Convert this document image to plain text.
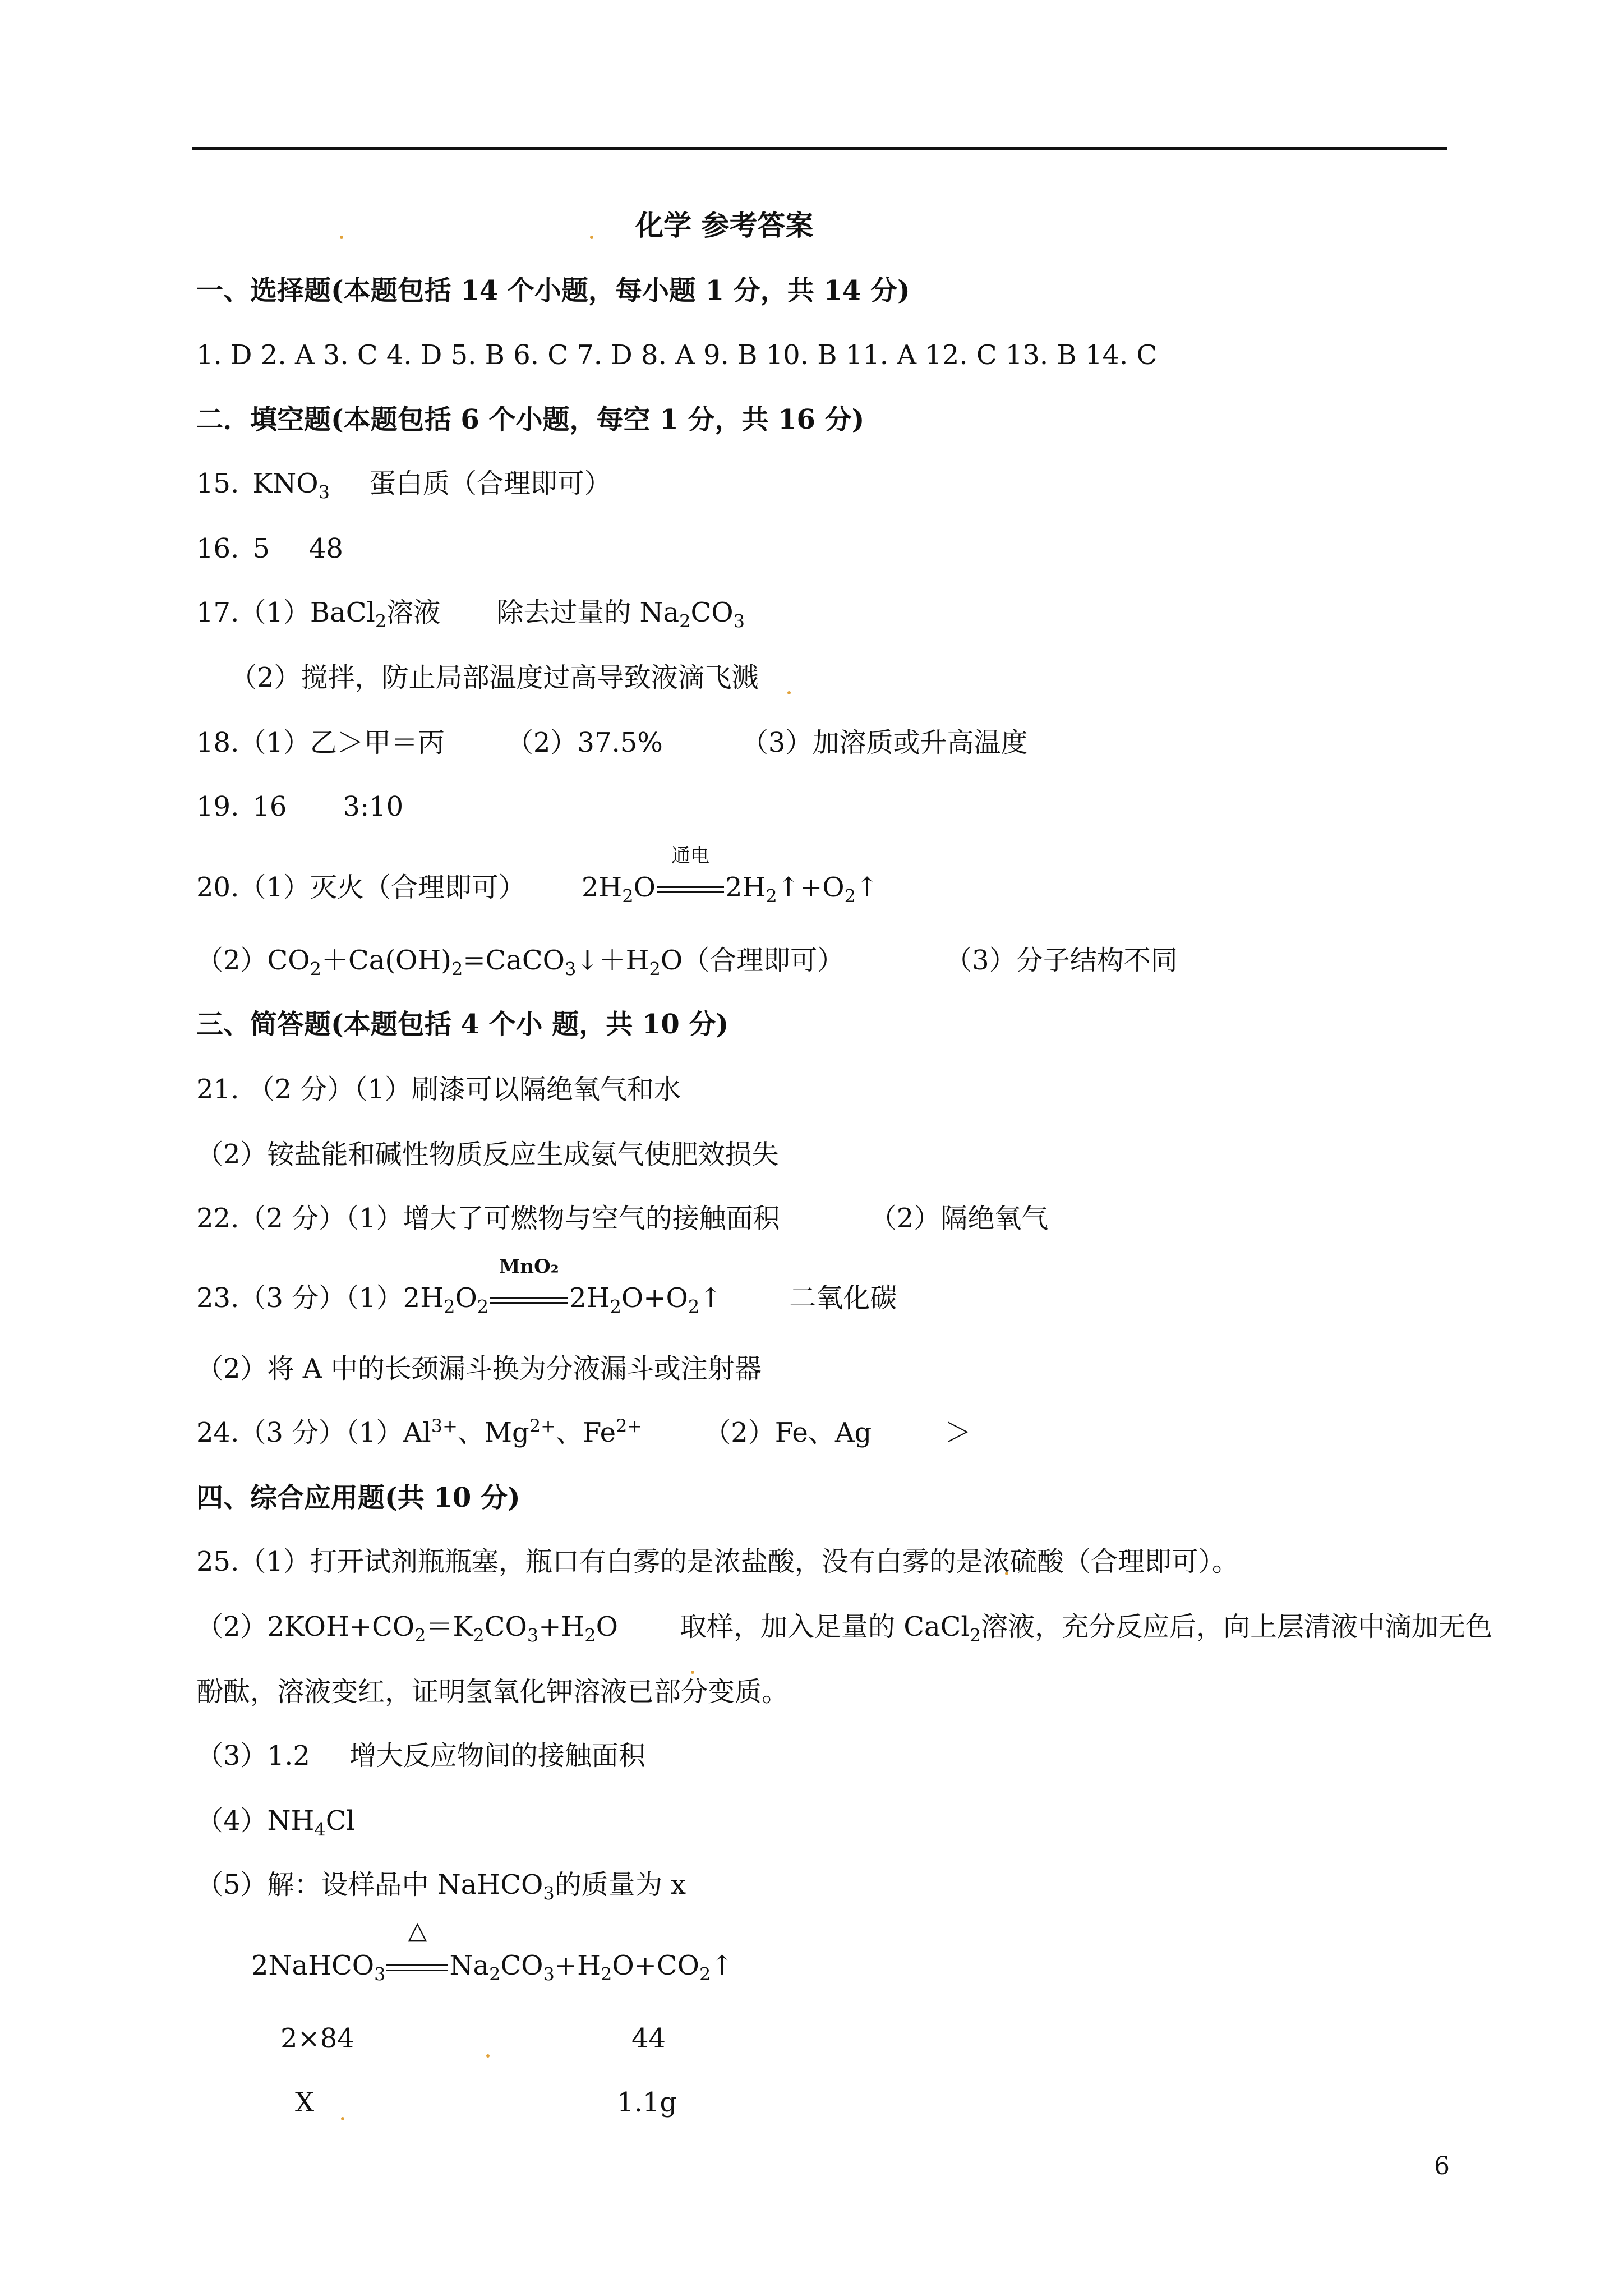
化学 参考答案
一、选择题(本题包括 14 个小题，每小题 1 分，共 14 分)
1. D 2. A 3. C 4. D 5. B 6. C 7. D 8. A 9. B 10. B 11. A 12. C 13. B 14. C
二．填空题(本题包括 6 个小题，每空 1 分，共 16 分)
15. $KNO_3$ 蛋白质（合理即可）
16. 5 48
17.（1）BaCl$_2$溶液 除去过量的 $Na_2CO_3$
（2）搅拌，防止局部温度过高导致液滴飞溅
18.（1）乙＞甲＝丙 （2）37.5%	（3）加溶质或升高温度
19. 16 3:10
20.（1）灭火（合理即可） $2H_2O$
通电
$2H_2↑+O_2↑$
$(2)CO_2+Ca(OH)_2=CaCO_3↓+H_2O$（合理即可）	（3）分子结构不同
三、简答题(本题包括 4 个小 题，共 10 分)
21. （2 分）（1）刷漆可以隔绝氧气和水
（2）铵盐能和碱性物质反应生成氨气使肥效损失
22.（2 分）（1）增大了可燃物与空气的接触面积	（2）隔绝氧气
23.（3 分）$(1)2H_2O_2$
MnO₂
$2H_2O+O_2↑$	二氧化碳
（2）将 A 中的长颈漏斗换为分液漏斗或注射器
24.（3 分）$(1)Al^{3+}$、$Mg^{2+}$、$Fe^{2+}$ （2）Fe、Ag	＞
四、综合应用题(共 10 分)
25.（1）打开试剂瓶瓶塞，瓶口有白雾的是浓盐酸，没有白雾的是浓硫酸（合理即可）。
$(2)2KOH+CO_2=K_2CO_3+H_2O$ 取样，加入足量的 CaCl$_2$溶液，充分反应后，向上层清液中滴加无色
酚酞，溶液变红，证明氢氧化钾溶液已部分变质。
（3）1.2 增大反应物间的接触面积
$(4)NH_4Cl$
（5）解：设样品中 NaHCO$_3$的质量为 x
2NaHCO$_3$
△
$Na_2CO_3+H_2O+CO_2↑$
2×84	44
X	1.1g
6
